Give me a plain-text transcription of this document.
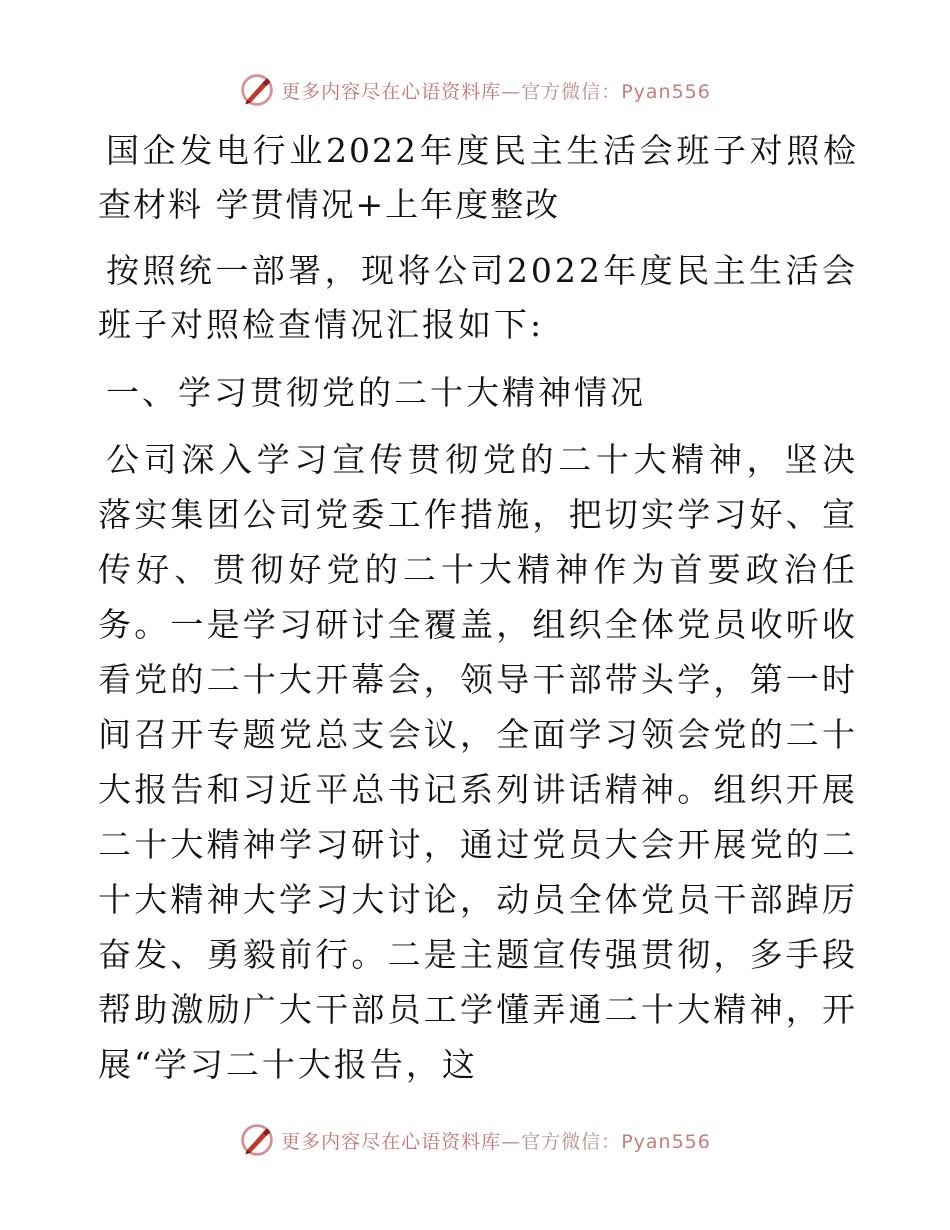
更多内容尽在心语资料库—官方微信：Pyan556

国企发电行业2022年度民主生活会班子对照检查材料 学贯情况+上年度整改

按照统一部署，现将公司2022年度民主生活会班子对照检查情况汇报如下:

一、学习贯彻党的二十大精神情况

公司深入学习宣传贯彻党的二十大精神，坚决落实集团公司党委工作措施，把切实学习好、宣传好、贯彻好党的二十大精神作为首要政治任务。一是学习研讨全覆盖，组织全体党员收听收看党的二十大开幕会，领导干部带头学，第一时间召开专题党总支会议，全面学习领会党的二十大报告和习近平总书记系列讲话精神。组织开展二十大精神学习研讨，通过党员大会开展党的二十大精神大学习大讨论，动员全体党员干部踔厉奋发、勇毅前行。二是主题宣传强贯彻，多手段帮助激励广大干部员工学懂弄通二十大精神，开展“学习二十大报告，这

更多内容尽在心语资料库—官方微信：Pyan556
